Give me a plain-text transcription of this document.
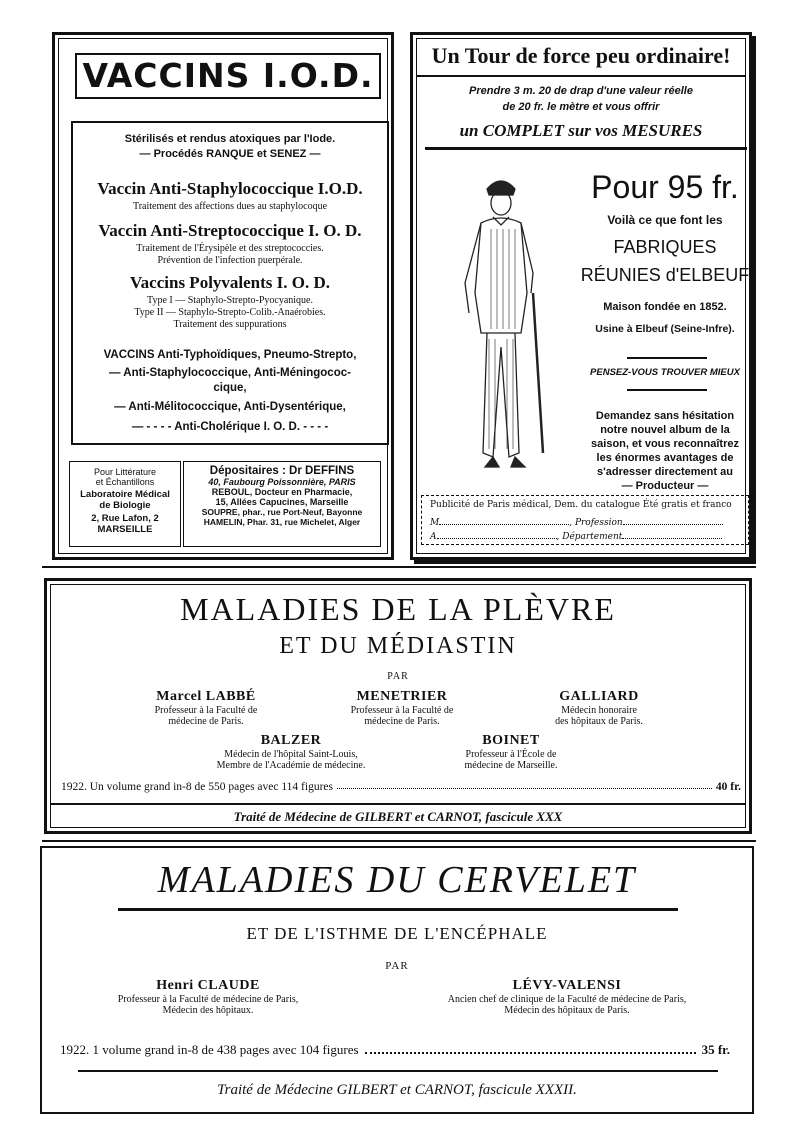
VACCINS I.O.D.
Stérilisés et rendus atoxiques par l'Iode.
— Procédés RANQUE et SENEZ —
Vaccin Anti-Staphylococcique I.O.D.
Traitement des affections dues au staphylocoque
Vaccin Anti-Streptococcique I. O. D.
Traitement de l'Érysipèle et des streptococcies.
Prévention de l'infection puerpérale.
Vaccins Polyvalents I. O. D.
Type I — Staphylo-Strepto-Pyocyanique.
Type II — Staphylo-Strepto-Colib.-Anaérobies.
Traitement des suppurations
VACCINS Anti-Typhoïdiques, Pneumo-Strepto,
— Anti-Staphylococcique, Anti-Méningococ-
cique,
— Anti-Mélitococcique, Anti-Dysentérique,
— - - - - Anti-Cholérique I. O. D. - - - -
Pour Littérature
et Échantillons
Laboratoire Médical
de Biologie
2, Rue Lafon, 2
MARSEILLE
Dépositaires : Dr DEFFINS
40, Faubourg Poissonnière, PARIS
REBOUL, Docteur en Pharmacie,
15, Allées Capucines, Marseille
SOUPRE, phar., rue Port-Neuf, Bayonne
HAMELIN, Phar. 31, rue Michelet, Alger
Un Tour de force peu ordinaire!
Prendre 3 m. 20 de drap d'une valeur réelle
de 20 fr. le mètre et vous offrir
un COMPLET sur vos MESURES
Pour 95 fr.
Voilà ce que font les
FABRIQUES
RÉUNIES d'ELBEUF
Maison fondée en 1852.
Usine à Elbeuf (Seine-Infre).
PENSEZ-VOUS TROUVER MIEUX
Demandez sans hésitation
notre nouvel album de la
saison, et vous reconnaîtrez
les énormes avantages de
s'adresser directement au
— Producteur —
Publicité de Paris médical, Dem. du catalogue Été gratis et franco
M	, Profession
A	, Département
MALADIES DE LA PLÈVRE
ET DU MÉDIASTIN
PAR
Marcel LABBÉ
Professeur à la Faculté de
médecine de Paris.
MENETRIER
Professeur à la Faculté de
médecine de Paris.
GALLIARD
Médecin honoraire
des hôpitaux de Paris.
BALZER
Médecin de l'hôpital Saint-Louis,
Membre de l'Académie de médecine.
BOINET
Professeur à l'École de
médecine de Marseille.
1922. Un volume grand in-8 de 550 pages avec 114 figures	40 fr.
Traité de Médecine de GILBERT et CARNOT, fascicule XXX
MALADIES DU CERVELET
ET DE L'ISTHME DE L'ENCÉPHALE
PAR
Henri CLAUDE
Professeur à la Faculté de médecine de Paris,
Médecin des hôpitaux.
LÉVY-VALENSI
Ancien chef de clinique de la Faculté de médecine de Paris,
Médecin des hôpitaux de Paris.
1922. 1 volume grand in-8 de 438 pages avec 104 figures	35 fr.
Traité de Médecine GILBERT et CARNOT, fascicule XXXII.
